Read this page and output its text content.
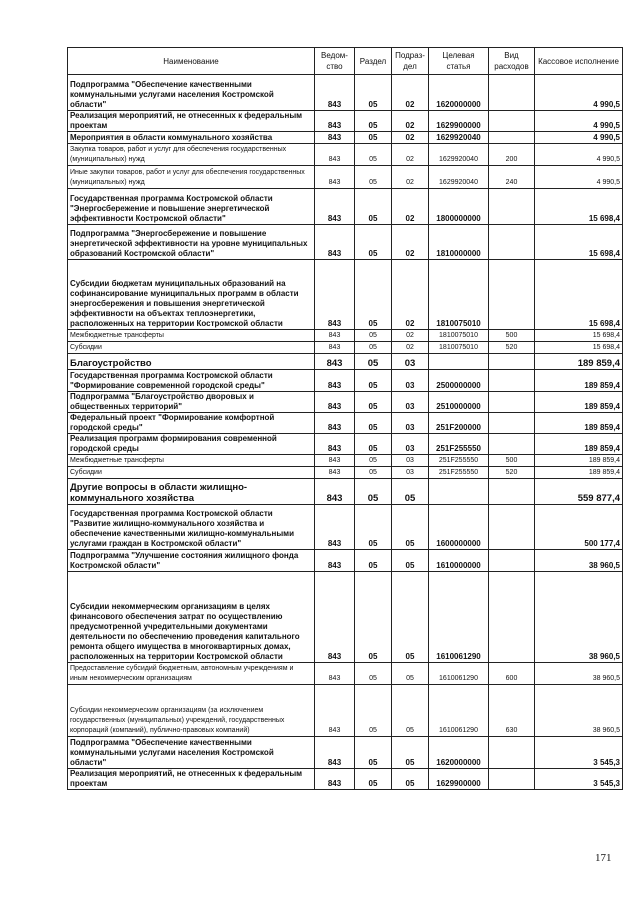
Наименование	Ведом-ство	Раздел	Подраз-дел	Целевая статья	Вид расходов	Кассовое исполнение
Подпрограмма "Обеспечение качественными коммунальными услугами населения Костромской области"	843	05	02	1620000000		4 990,5
Реализация мероприятий, не отнесенных к федеральным проектам	843	05	02	1629900000		4 990,5
Мероприятия в области коммунального хозяйства	843	05	02	1629920040		4 990,5
Закупка товаров, работ и услуг для обеспечения государственных (муниципальных) нужд	843	05	02	1629920040	200	4 990,5
Иные закупки товаров, работ и услуг для обеспечения государственных (муниципальных) нужд	843	05	02	1629920040	240	4 990,5
Государственная программа Костромской области "Энергосбережение и повышение энергетической эффективности Костромской области"	843	05	02	1800000000		15 698,4
Подпрограмма "Энергосбережение и повышение энергетической эффективности на уровне муниципальных образований Костромской области"	843	05	02	1810000000		15 698,4
Субсидии бюджетам муниципальных образований на софинансирование муниципальных программ в области энергосбережения и повышения энергетической эффективности на объектах теплоэнергетики, расположенных на территории Костромской области	843	05	02	1810075010		15 698,4
Межбюджетные трансферты	843	05	02	1810075010	500	15 698,4
Субсидии	843	05	02	1810075010	520	15 698,4
Благоустройство	843	05	03			189 859,4
Государственная программа Костромской области "Формирование современной городской среды"	843	05	03	2500000000		189 859,4
Подпрограмма "Благоустройство дворовых и общественных территорий"	843	05	03	2510000000		189 859,4
Федеральный проект "Формирование комфортной городской среды"	843	05	03	251F200000		189 859,4
Реализация программ формирования современной городской среды	843	05	03	251F255550		189 859,4
Межбюджетные трансферты	843	05	03	251F255550	500	189 859,4
Субсидии	843	05	03	251F255550	520	189 859,4
Другие вопросы в области жилищно-коммунального хозяйства	843	05	05			559 877,4
Государственная программа Костромской области "Развитие жилищно-коммунального хозяйства и обеспечение качественными жилищно-коммунальными услугами граждан в Костромской области"	843	05	05	1600000000		500 177,4
Подпрограмма "Улучшение состояния жилищного фонда Костромской области"	843	05	05	1610000000		38 960,5
Субсидии некоммерческим организациям в целях финансового обеспечения затрат по осуществлению предусмотренной учредительными документами деятельности по обеспечению проведения капитального ремонта общего имущества в многоквартирных домах, расположенных на территории Костромской области	843	05	05	1610061290		38 960,5
Предоставление субсидий бюджетным, автономным учреждениям и иным некоммерческим организациям	843	05	05	1610061290	600	38 960,5
Субсидии некоммерческим организациям (за исключением государственных (муниципальных) учреждений, государственных корпораций (компаний), публично-правовых компаний)	843	05	05	1610061290	630	38 960,5
Подпрограмма "Обеспечение качественными коммунальными услугами населения Костромской области"	843	05	05	1620000000		3 545,3
Реализация мероприятий, не отнесенных к федеральным проектам	843	05	05	1629900000		3 545,3
171
